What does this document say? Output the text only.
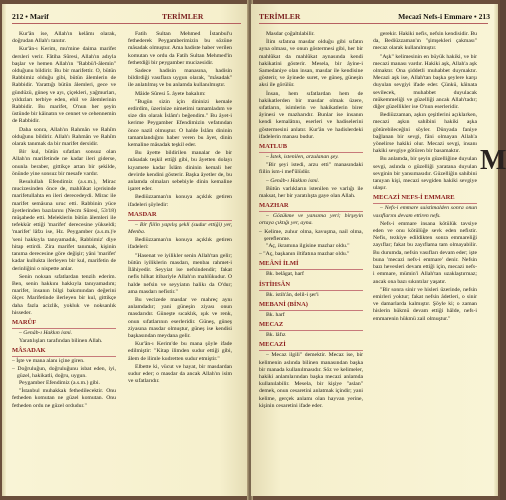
212 • Marif	TERİMLER

Kur'ân ise, Allah'ın kelâmı olarak, doğrudan Allah'ı tanıtır.

Kur'ân-ı Kerim, mu'mine daima marifet dersleri verir. Fâtiha Sûresi, Allah'ın adıyla başlar ve hemen Allah'ın "Rabbü'l-âlemin" olduğunu bildirir. Bu bir marifettir. O, bütün Rabbimiz olduğu gibi, bütün âlemlerin de Rabbidir. Yarattığı bütün âlemleri, gece ve gündüzü, güneş ve ayı, çiçekleri, yağmurları, yıldızları terbiye eden, ehil ve âlemlerinin Rabbidir. Bu marifet, O'nun her şeyin üstünde bir kâinatın ve cennet ve cehennemin de Rabbidir.

Daha sonra, Allah'ın Rahmân ve Rahîm olduğunu bildirir. Allah'ı Rahmân ve Rahîm olarak tanımak da bir marifet dersidir.

Bir kul, bütün sıfatları sonsuz olan Allah'ın marifetinde ne kadar ileri giderse, onunla beraber, gittikçe artan bir şekilde, önünde yine sonsuz bir mesafe vardır.

Resulullah Efendimiz (a.s.m.), Mirac mucizesinden önce de, mahlûkat içerisinde marifetullahta en ileri derecedeydi. Mirac ile marifet semâsına uruc etti. Rabbinin yüce âyetlerinden bazılarını (Necm Sûresi, 53/18) müşahede etti. Meleklerin bütün âlemleri ile tefekkür ettiği 'marifet' derecesine yükseldi; 'marifet' lâfzı ise, Hz. Peygamber (a.s.m.)'e 'seni hakkıyla tanıyamadık, Rabbimiz' diye hitap ettirdi. Zira marifet tanımak, kişinin tanıma derecesine göre değişir; yâni 'marifet' kadar kullukta ilerleyen bir kul, marifetin de derinliğini o nispette anlar.

Senin noksan sıfatlardan tenzih ederim. Ben, senin hakkını hakkıyla tanıyamadım; marifet, insanın bilgi bakımından değerini ölçer. Marifetinde ilerleyen bir kul, gittikçe daha fazla acizlik, yokluk ve noksanlık hisseder.

MARÛF

– Genâb-ı Hakkın ismi.

Yaratılışları tarafından bilinen Allah.

MÂSADAK
– İşte ve mana alanı içine giren.
– Doğruluğun, doğruluğunu isbat eden, iyi, güzel, hakikatli, doğru, uygun.

Peygamber Efendimiz (a.s.m.) gibi.

"İstanbul muhakkak fethedilecektir. Onu fetheden komutan ne güzel komutan. Onu fetheden ordu ne güzel ordudur."

Fatih Sultan Mehmed İstanbul'u fethederek Peygamberimizin bu sözüne mâsadak olmuştur. Ama hadiste haber verilen komutan ve ordu da Fatih Sultan Mehmed'in fethetdiği bir peygamber mucizesidir.

Sadece hadisin manasına, hadisin bildirdiği vasıflara uygun olarak, "mâsadak" ile anlatılmış ve bu anlamda kullanılmıştır.

Mâide Sûresi 5. âyete bakalım:

"Bugün sizin için dininizi kemale erdirdim, üzerinize nimetimi tamamladım ve size din olarak İslâm'ı beğendim." Bu âyet-i kerime Peygamber Efendimizin vefatından önce nazil olmuştur. O halde İslâm dininin tamamlandığını haber veren bu âyet, dinin kemaline mâsadak teşkil eder.

Bu âyette bildirilen manalar de bir mâsadak teşkil ettiği gibi, bu âyetten dolayı kıyamete kadar İslâm dininin kemali her devirde kendini gösterir. Başka âyetler de, bu anlamda olmaları sebebiyle dinin kemaline işaret eder.

Bediüzzaman'ın konuya açıklık getiren ifadeleri şöyledir:

MASDAR

– Bir fiilin yapılış şekli (sudur ettiği) yer, Menba.

Bediüzzaman'ın konuya açıklık getiren ifadeleri:

"Hasenat ve iyilikler senin Allah'tan gelir; bütün iyiliklerin masdarı, menbaı rahmet-i İlâhiyedir. Seyyiat ise nefsindendir; fakat nefis hilkat itibariyle Allah'ın mahlûkudur. O halde nefsin ve seyyiatın halikı da O'dur; ama masdarı nefistir."

Bu vecizede masdar ve mahreç aynı anlamdadır; yani güneşin ziyası onun masdarıdır. Güneşte sıcaklık, ışık ve renk, onun sıfatlarının eserleridir. Güneş, güneş ziyasına masdar olmuştur, güneş ise kendisi başkasından meydana gelir.

Kur'ân-ı Kerim'de bu mana şöyle ifade edilmiştir: "Kitap ilimden sudur ettiği gibi, âlem de ilimle kudretten sudur etmiştir."

Elbette ki, vücut ve hayat, bir masdardan sudur eder; o masdar da ancak Allah'ın isim ve sıfatlarıdır.

TERİMLER	Mecazî Nefs-i Emmare • 213

Masdar çoğaltılabilir.

İlim sıfatına masdar olduğu gibi sıfatın ayna olması, ve onun göstermesi gibi, her bir mahlûkat da mahlûkat aynasında kendi hakikatini gösterir. Mesela, bir âyine-i Samedaniye olan insan, masdar ile kendisine gösterir, ve âyinede suret, ve güneş, güneşin aksi ile görülür.

İnsan, hem sıfatlardan hem de hakikatlerden bir masdar olmak üzere, sıfatların, isimlerin ve hakikatlerin birer âyinesi ve mazharıdır. Bunlar ise insanın kendi kemalâtını, eserleri ve hadiselerini göstermesini anlatır. Kur'ân ve hadislerdeki ifadelerin manası budur.

MATLUB

– İstek, istenilen, arzulanan şey.

"Bir şeyi istedi, arzu etti" manasındaki fiilin ism-i mef'ûlüdür.

– Genâb-ı Hakkın ismi.

Bütün varlıkların istenilen ve varlığı ile maksat, her bir yaratılışta gaye olan Allah.

MAZHAR

– Gözükme ve yansıma yeri; birşeyin ortaya çıktığı yer, ayna.

– Kelime, zuhur olma, kavuşma, nail olma, şereflenme.

"Aç, ikramına ilgisine mazhar oldu."

– "Aç, başkanın iltifatına mazhar oldu."
MEÂNİ İLMİ

Bk. belâgat, harf

İSTİHSÂN

Bk. istih'ân, delil-i şer'i

MEBANİ (BİNA)

Bk. harf

MECAZ

Bk. lâfız

MECAZİ

– Mecaz ilgili" demektir. Mecaz ise, bir kelimenin aslında bilinen manasından başka bir manada kullanılmasıdır. Söz ve kelimeler, hakiki anlamlarından başka mecazi anlamda kullanılabilir. Mesela, bir kişiye "aslan" demek, onun cesaretini anlatmak içindir; yani kelime, gerçek anlamı olan hayvan yerine, kişinin cesaretini ifade eder.

gerekir. Hakiki nefis, nefsin kendisidir. Bu da, Bediüzzaman'ın "şimşekleri çakması" mecaz olarak kullanılmıştır.

"Aşk" kelimesinin en büyük hakiki, ve bir mecazi manası vardır. Hakiki aşk, Allah'a aşk olmaktır. Ona şiddetli muhabbet duymaktır. Mecazi aşk ise, Allah'tan başka şeylere karşı duyulan sevgiyi ifade eder. Çünkü, kâinata sevilecek, muhabbet duyulacak mükemmeliği ve güzelliği ancak Allah'tadır; diğer güzellikler ise O'nun eserleridir.

Bediüzzaman, aşkın çeşitlerini açıklarken, mecazi aşkın sahibini hakiki aşka götürebileceğini söyler. Dünyada faniye bağlanan bir sevgi, fâni olmayan Allah'a yönelirse hakiki olur. Mecazi sevgi, insanı hakiki sevgiye götüren bir basamaktır.

Bu anlamda, bir şeyin güzelliğine duyulan sevgi, aslında o güzelliği yaratana duyulan sevginin bir yansımasıdır. Güzelliğin sahibini tanıyan kişi, mecazi sevgiden hakiki sevgiye ulaşır.

MECAZİ NEFS-İ EMMARE

– Nefs-i emmare suistimalden sonra onun vasıflarını devam ettiren nefs.

Nefs-i emmare insana kötülük tavsiye eden ve onu kötülüğe sevk eden nefistir. Nefis, tezkiye edildikten sonra emmareliği zayıflar; fakat bu zayıflama tam olmayabilir. Bu durumda, nefsin vasıfları devam eder; işte buna 'mecazi nefs-i emmare' denir. Nefsin bazı hevesleri devam ettiği için, mecazi nefs-i emmare, mümin'i Allah'tan uzaklaştırmaz; ancak ona bazı sıkıntılar yaşatır.

"Bir sonra sinir ve hisleri üzerinde, nefsin emirleri yoktur; fakat nefsin âdetleri, o sinir ve damarlarda kalmıştır. Şöyle ki; o zaman hislerin hükmü devam ettiği hâlde, nefs-i emmarenin hükmü zail olmuştur."

M
